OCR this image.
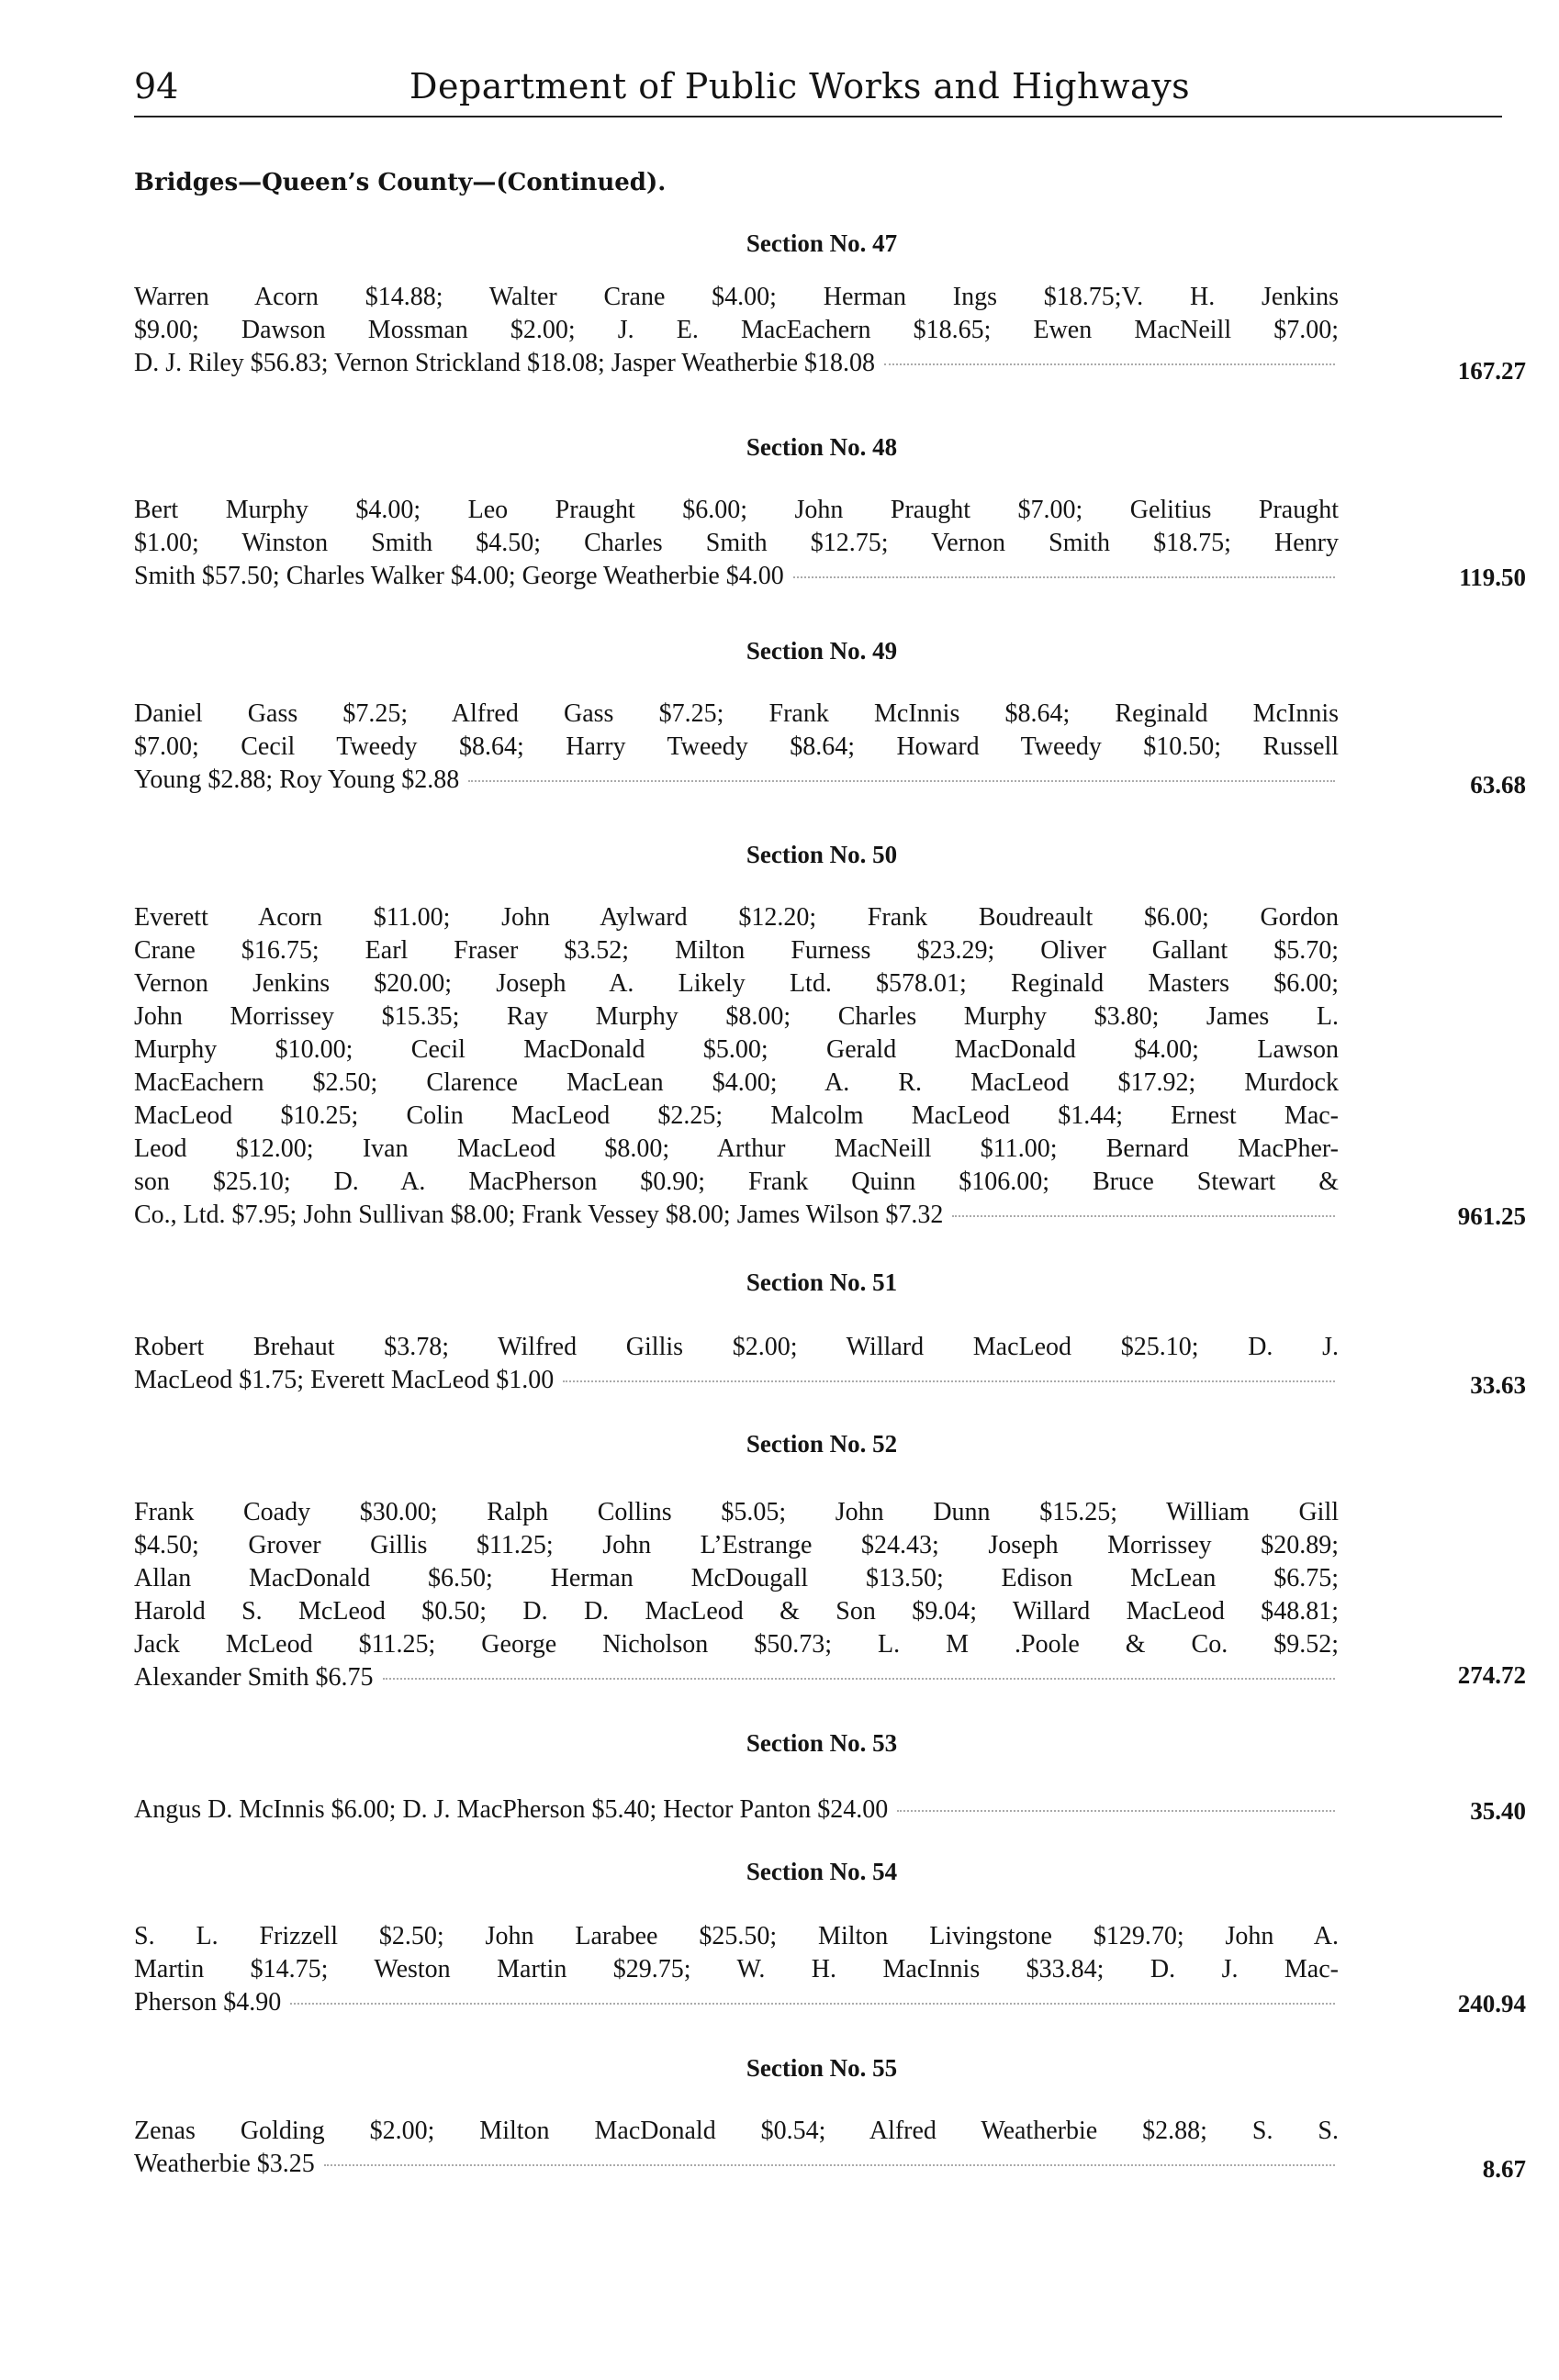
94	Department of Public Works and Highways
Bridges—Queen’s County—(Continued).
Section No. 47
Warren Acorn $14.88; Walter Crane $4.00; Herman Ings $18.75;V. H. Jenkins
$9.00; Dawson Mossman $2.00; J. E. MacEachern $18.65; Ewen MacNeill $7.00;
D. J. Riley $56.83; Vernon Strickland $18.08; Jasper Weatherbie $18.08	167.27
Section No. 48
Bert Murphy $4.00; Leo Praught $6.00; John Praught $7.00; Gelitius Praught
$1.00; Winston Smith $4.50; Charles Smith $12.75; Vernon Smith $18.75; Henry
Smith $57.50; Charles Walker $4.00; George Weatherbie $4.00	119.50
Section No. 49
Daniel Gass $7.25; Alfred Gass $7.25; Frank McInnis $8.64; Reginald McInnis
$7.00; Cecil Tweedy $8.64; Harry Tweedy $8.64; Howard Tweedy $10.50; Russell
Young $2.88; Roy Young $2.88	63.68
Section No. 50
Everett Acorn $11.00; John Aylward $12.20; Frank Boudreault $6.00; Gordon
Crane $16.75; Earl Fraser $3.52; Milton Furness $23.29; Oliver Gallant $5.70;
Vernon Jenkins $20.00; Joseph A. Likely Ltd. $578.01; Reginald Masters $6.00;
John Morrissey $15.35; Ray Murphy $8.00; Charles Murphy $3.80; James L.
Murphy $10.00; Cecil MacDonald $5.00; Gerald MacDonald $4.00; Lawson
MacEachern $2.50; Clarence MacLean $4.00; A. R. MacLeod $17.92; Murdock
MacLeod $10.25; Colin MacLeod $2.25; Malcolm MacLeod $1.44; Ernest Mac-
Leod $12.00; Ivan MacLeod $8.00; Arthur MacNeill $11.00; Bernard MacPher-
son $25.10; D. A. MacPherson $0.90; Frank Quinn $106.00; Bruce Stewart &
Co., Ltd. $7.95; John Sullivan $8.00; Frank Vessey $8.00; James Wilson $7.32	961.25
Section No. 51
Robert Brehaut $3.78; Wilfred Gillis $2.00; Willard MacLeod $25.10; D. J.
MacLeod $1.75; Everett MacLeod $1.00	33.63
Section No. 52
Frank Coady $30.00; Ralph Collins $5.05; John Dunn $15.25; William Gill
$4.50; Grover Gillis $11.25; John L’Estrange $24.43; Joseph Morrissey $20.89;
Allan MacDonald $6.50; Herman McDougall $13.50; Edison McLean $6.75;
Harold S. McLeod $0.50; D. D. MacLeod & Son $9.04; Willard MacLeod $48.81;
Jack McLeod $11.25; George Nicholson $50.73; L. M .Poole & Co. $9.52;
Alexander Smith $6.75	274.72
Section No. 53
Angus D. McInnis $6.00; D. J. MacPherson $5.40; Hector Panton $24.00	35.40
Section No. 54
S. L. Frizzell $2.50; John Larabee $25.50; Milton Livingstone $129.70; John A.
Martin $14.75; Weston Martin $29.75; W. H. MacInnis $33.84; D. J. Mac-
Pherson $4.90	240.94
Section No. 55
Zenas Golding $2.00; Milton MacDonald $0.54; Alfred Weatherbie $2.88; S. S.
Weatherbie $3.25	8.67
